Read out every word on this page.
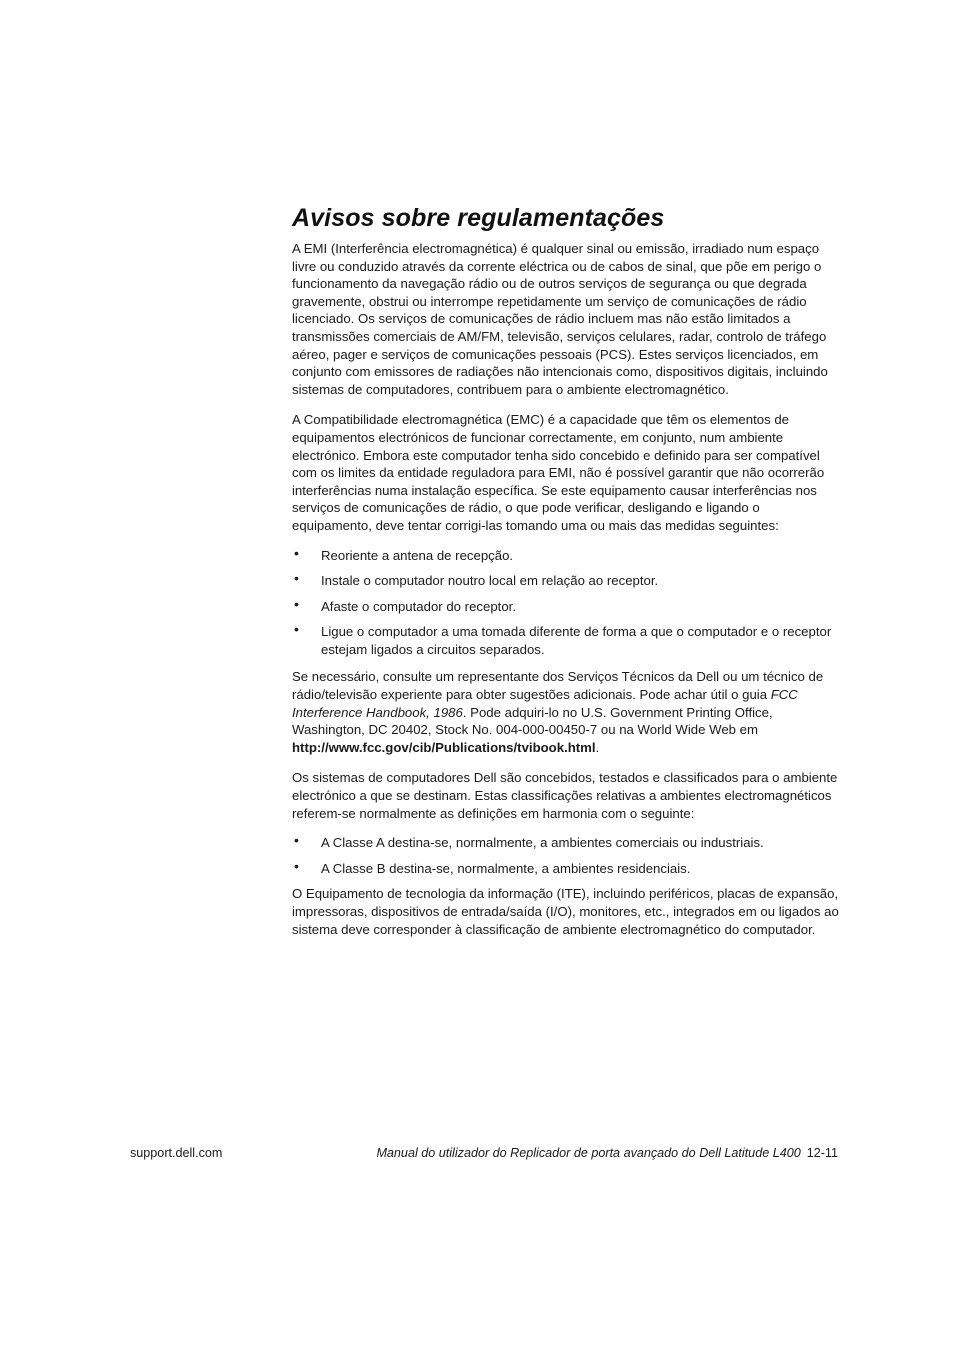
Avisos sobre regulamentações

A EMI (Interferência electromagnética) é qualquer sinal ou emissão, irradiado num espaço livre ou conduzido através da corrente eléctrica ou de cabos de sinal, que põe em perigo o funcionamento da navegação rádio ou de outros serviços de segurança ou que degrada gravemente, obstrui ou interrompe repetidamente um serviço de comunicações de rádio licenciado. Os serviços de comunicações de rádio incluem mas não estão limitados a transmissões comerciais de AM/FM, televisão, serviços celulares, radar, controlo de tráfego aéreo, pager e serviços de comunicações pessoais (PCS). Estes serviços licenciados, em conjunto com emissores de radiações não intencionais como, dispositivos digitais, incluindo sistemas de computadores, contribuem para o ambiente electromagnético.

A Compatibilidade electromagnética (EMC) é a capacidade que têm os elementos de equipamentos electrónicos de funcionar correctamente, em conjunto, num ambiente electrónico. Embora este computador tenha sido concebido e definido para ser compatível com os limites da entidade reguladora para EMI, não é possível garantir que não ocorrerão interferências numa instalação específica. Se este equipamento causar interferências nos serviços de comunicações de rádio, o que pode verificar, desligando e ligando o equipamento, deve tentar corrigi-las tomando uma ou mais das medidas seguintes:

• Reoriente a antena de recepção.
• Instale o computador noutro local em relação ao receptor.
• Afaste o computador do receptor.
• Ligue o computador a uma tomada diferente de forma a que o computador e o receptor estejam ligados a circuitos separados.

Se necessário, consulte um representante dos Serviços Técnicos da Dell ou um técnico de rádio/televisão experiente para obter sugestões adicionais. Pode achar útil o guia FCC Interference Handbook, 1986. Pode adquiri-lo no U.S. Government Printing Office, Washington, DC 20402, Stock No. 004-000-00450-7 ou na World Wide Web em http://www.fcc.gov/cib/Publications/tvibook.html.

Os sistemas de computadores Dell são concebidos, testados e classificados para o ambiente electrónico a que se destinam. Estas classificações relativas a ambientes electromagnéticos referem-se normalmente as definições em harmonia com o seguinte:

• A Classe A destina-se, normalmente, a ambientes comerciais ou industriais.
• A Classe B destina-se, normalmente, a ambientes residenciais.

O Equipamento de tecnologia da informação (ITE), incluindo periféricos, placas de expansão, impressoras, dispositivos de entrada/saída (I/O), monitores, etc., integrados em ou ligados ao sistema deve corresponder à classificação de ambiente electromagnético do computador.

support.dell.com	Manual do utilizador do Replicador de porta avançado do Dell Latitude L400 12-11
